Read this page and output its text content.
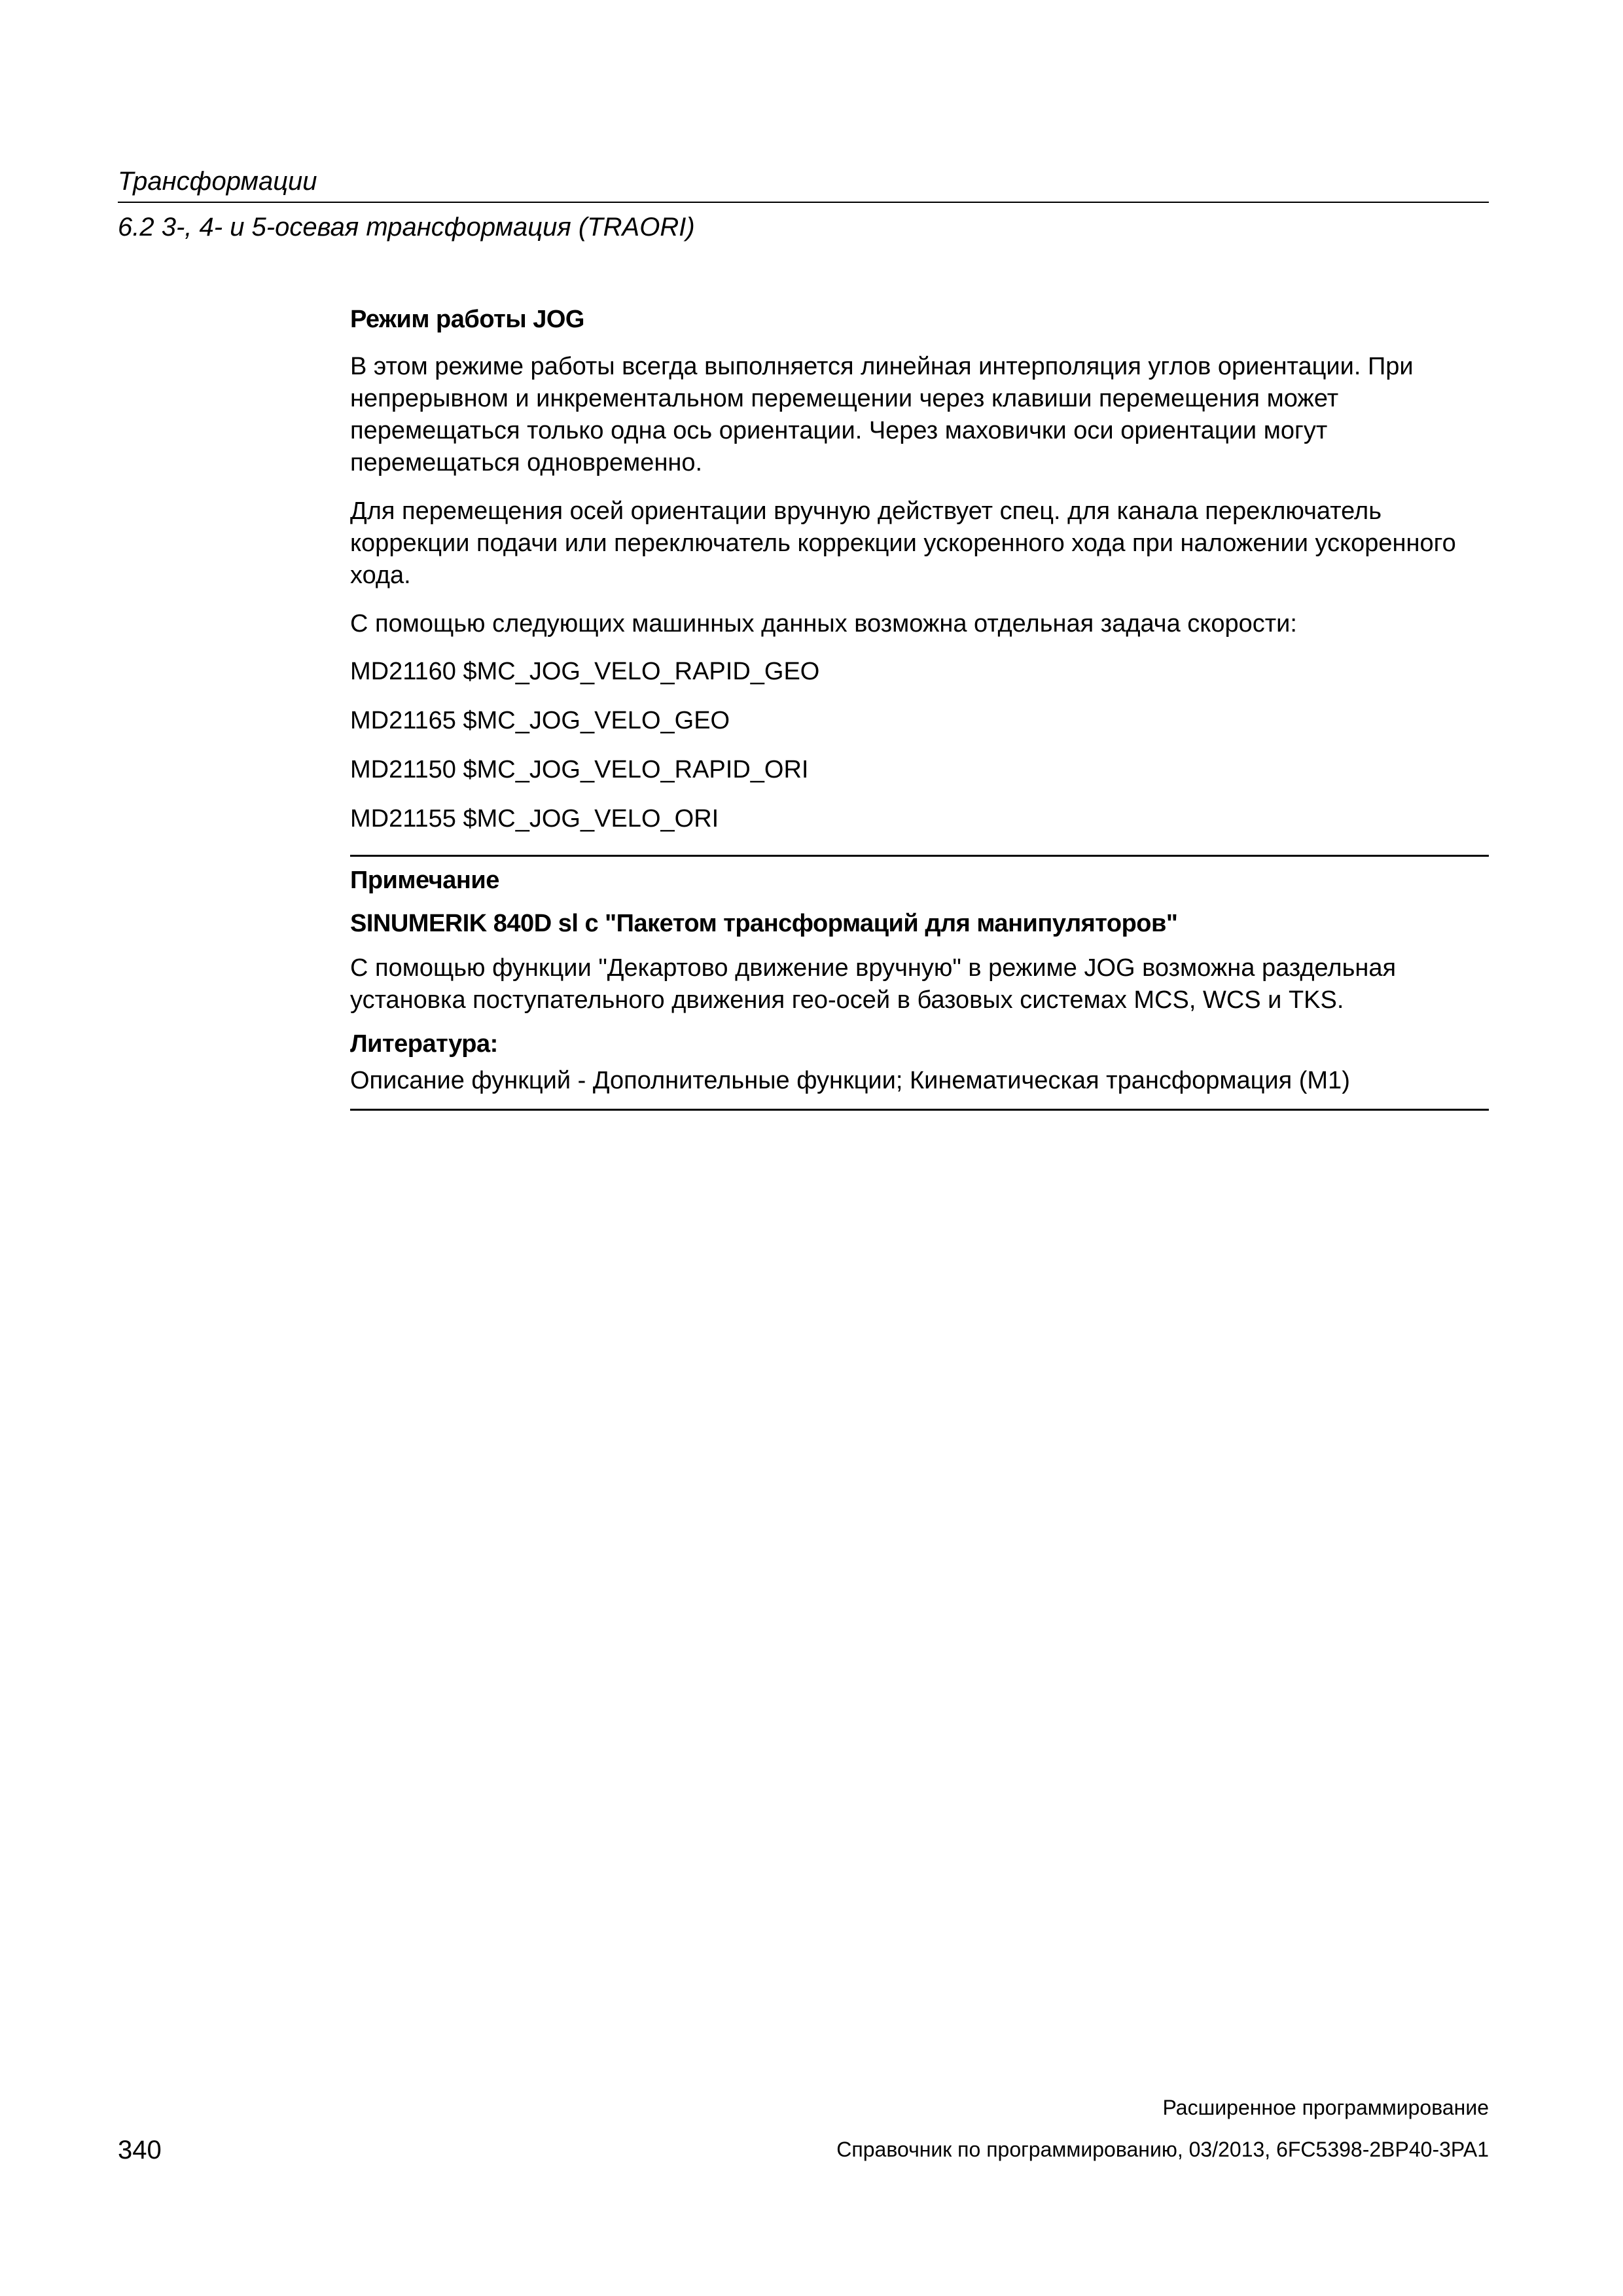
Трансформации
6.2 3-, 4- и 5-осевая трансформация (TRAORI)
Режим работы JOG

В этом режиме работы всегда выполняется линейная интерполяция углов ориентации. При непрерывном и инкрементальном перемещении через клавиши перемещения может перемещаться только одна ось ориентации. Через маховички оси ориентации могут перемещаться одновременно.

Для перемещения осей ориентации вручную действует спец. для канала переключатель коррекции подачи или переключатель коррекции ускоренного хода при наложении ускоренного хода.

С помощью следующих машинных данных возможна отдельная задача скорости:

MD21160 $MC_JOG_VELO_RAPID_GEO
MD21165 $MC_JOG_VELO_GEO
MD21150 $MC_JOG_VELO_RAPID_ORI
MD21155 $MC_JOG_VELO_ORI
Примечание
SINUMERIK 840D sl с "Пакетом трансформаций для манипуляторов"

С помощью функции "Декартово движение вручную" в режиме JOG возможна раздельная установка поступательного движения гео-осей в базовых системах MCS, WCS и TKS.

Литература:

Описание функций - Дополнительные функции; Кинематическая трансформация (M1)

Расширенное программирование
340	Справочник по программированию, 03/2013, 6FC5398-2BP40-3PA1
